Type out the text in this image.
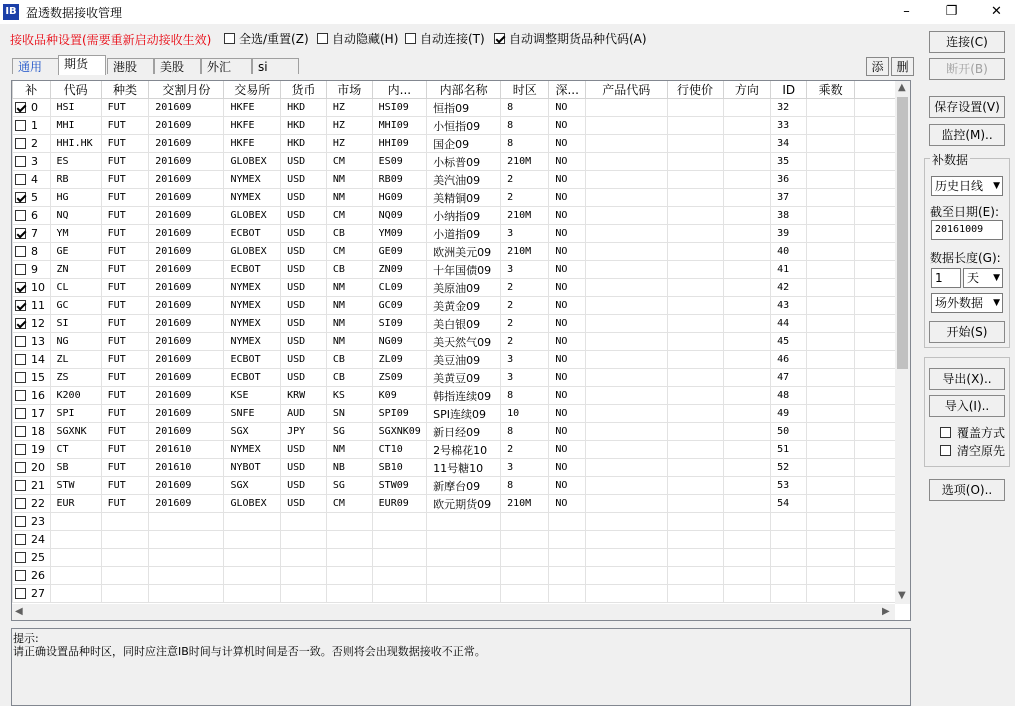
IB 盈透数据接收管理	–	❐	✕
接收品种设置(需要重新启动接收生效)	全选/重置(Z)	自动隐藏(H)	自动连接(T)	自动调整期货品种代码(A)
通用	期货	港股	美股	外汇	si	添	删
补	代码	种类	交割月份	交易所	货币	市场	内...	内部名称	时区	深...	产品代码	行使价	方向	ID	乘数	
0	HSI	FUT	201609	HKFE	HKD	HZ	HSI09	恒指09	8	NO				32		
1	MHI	FUT	201609	HKFE	HKD	HZ	MHI09	小恒指09	8	NO				33		
2	HHI.HK	FUT	201609	HKFE	HKD	HZ	HHI09	国企09	8	NO				34		
3	ES	FUT	201609	GLOBEX	USD	CM	ES09	小标普09	210M	NO				35		
4	RB	FUT	201609	NYMEX	USD	NM	RB09	美汽油09	2	NO				36		
5	HG	FUT	201609	NYMEX	USD	NM	HG09	美精铜09	2	NO				37		
6	NQ	FUT	201609	GLOBEX	USD	CM	NQ09	小纳指09	210M	NO				38		
7	YM	FUT	201609	ECBOT	USD	CB	YM09	小道指09	3	NO				39		
8	GE	FUT	201609	GLOBEX	USD	CM	GE09	欧洲美元09	210M	NO				40		
9	ZN	FUT	201609	ECBOT	USD	CB	ZN09	十年国债09	3	NO				41		
10	CL	FUT	201609	NYMEX	USD	NM	CL09	美原油09	2	NO				42		
11	GC	FUT	201609	NYMEX	USD	NM	GC09	美黄金09	2	NO				43		
12	SI	FUT	201609	NYMEX	USD	NM	SI09	美白银09	2	NO				44		
13	NG	FUT	201609	NYMEX	USD	NM	NG09	美天然气09	2	NO				45		
14	ZL	FUT	201609	ECBOT	USD	CB	ZL09	美豆油09	3	NO				46		
15	ZS	FUT	201609	ECBOT	USD	CB	ZS09	美黄豆09	3	NO				47		
16	K200	FUT	201609	KSE	KRW	KS	K09	韩指连续09	8	NO				48		
17	SPI	FUT	201609	SNFE	AUD	SN	SPI09	SPI连续09	10	NO				49		
18	SGXNK	FUT	201609	SGX	JPY	SG	SGXNK09	新日经09	8	NO				50		
19	CT	FUT	201610	NYMEX	USD	NM	CT10	2号棉花10	2	NO				51		
20	SB	FUT	201610	NYBOT	USD	NB	SB10	11号糖10	3	NO				52		
21	STW	FUT	201609	SGX	USD	SG	STW09	新摩台09	8	NO				53		
22	EUR	FUT	201609	GLOBEX	USD	CM	EUR09	欧元期货09	210M	NO				54		
23																
24																
25																
26																
27																
▲
▼
◀	▶
提示:
请正确设置品种时区，同时应注意IB时间与计算机时间是否一致。否则将会出现数据接收不正常。
连接(C)
断开(B)
保存设置(V)
监控(M)..
补数据
历史日线 ▼
截至日期(E):
20161009
数据长度(G):
1	天 ▼
场外数据 ▼
开始(S)
导出(X)..
导入(I)..
覆盖方式
清空原先
选项(O)..
